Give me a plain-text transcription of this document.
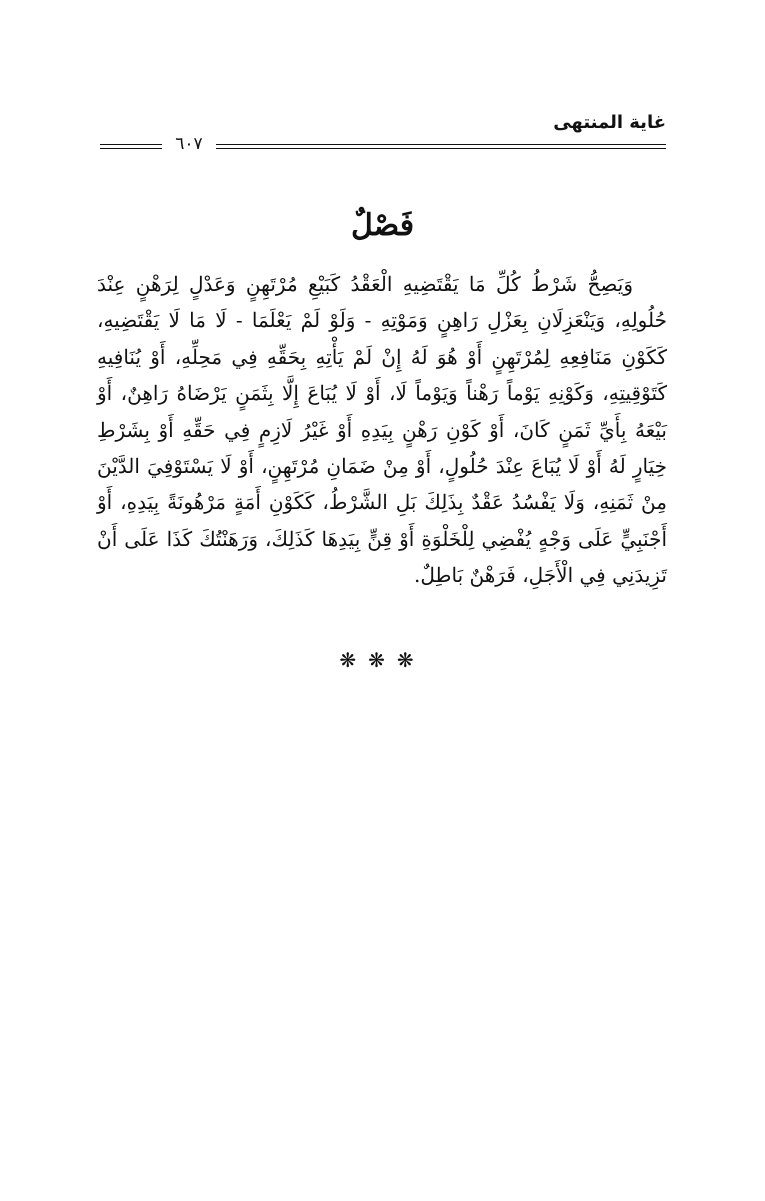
غاية المنتهى
٦٠٧
فَصْلٌ

وَيَصِحُّ شَرْطُ كُلِّ مَا يَقْتَضِيهِ الْعَقْدُ كَبَيْعِ مُرْتَهِنٍ وَعَدْلٍ لِرَهْنٍ عِنْدَ حُلُولِهِ، وَيَنْعَزِلَانِ بِعَزْلِ رَاهِنٍ وَمَوْتِهِ - وَلَوْ لَمْ يَعْلَمَا - لَا مَا لَا يَقْتَضِيهِ، كَكَوْنِ مَنَافِعِهِ لِمُرْتَهِنٍ أَوْ هُوَ لَهُ إِنْ لَمْ يَأْتِهِ بِحَقِّهِ فِي مَحِلِّهِ، أَوْ يُنَافِيهِ كَتَوْقِيتِهِ، وَكَوْنِهِ يَوْماً رَهْناً وَيَوْماً لَا، أَوْ لَا يُبَاعَ إِلَّا بِثَمَنٍ يَرْضَاهُ رَاهِنٌ، أَوْ بَيْعَهُ بِأَيِّ ثَمَنٍ كَانَ، أَوْ كَوْنِ رَهْنٍ بِيَدِهِ أَوْ غَيْرُ لَازِمٍ فِي حَقِّهِ أَوْ بِشَرْطِ خِيَارٍ لَهُ أَوْ لَا يُبَاعَ عِنْدَ حُلُولٍ، أَوْ مِنْ ضَمَانِ مُرْتَهِنٍ، أَوْ لَا يَسْتَوْفِيَ الدَّيْنَ مِنْ ثَمَنِهِ، وَلَا يَفْسُدُ عَقْدٌ بِذَلِكَ بَلِ الشَّرْطُ، كَكَوْنِ أَمَةٍ مَرْهُونَةً بِيَدِهِ، أَوْ أَجْنَبِيٍّ عَلَى وَجْهٍ يُفْضِي لِلْخَلْوَةِ أَوْ قِنٍّ بِيَدِهَا كَذَلِكَ، وَرَهَنْتُكَ كَذَا عَلَى أَنْ تَزِيدَنِي فِي الْأَجَلِ، فَرَهْنٌ بَاطِلٌ.

❋❋❋
